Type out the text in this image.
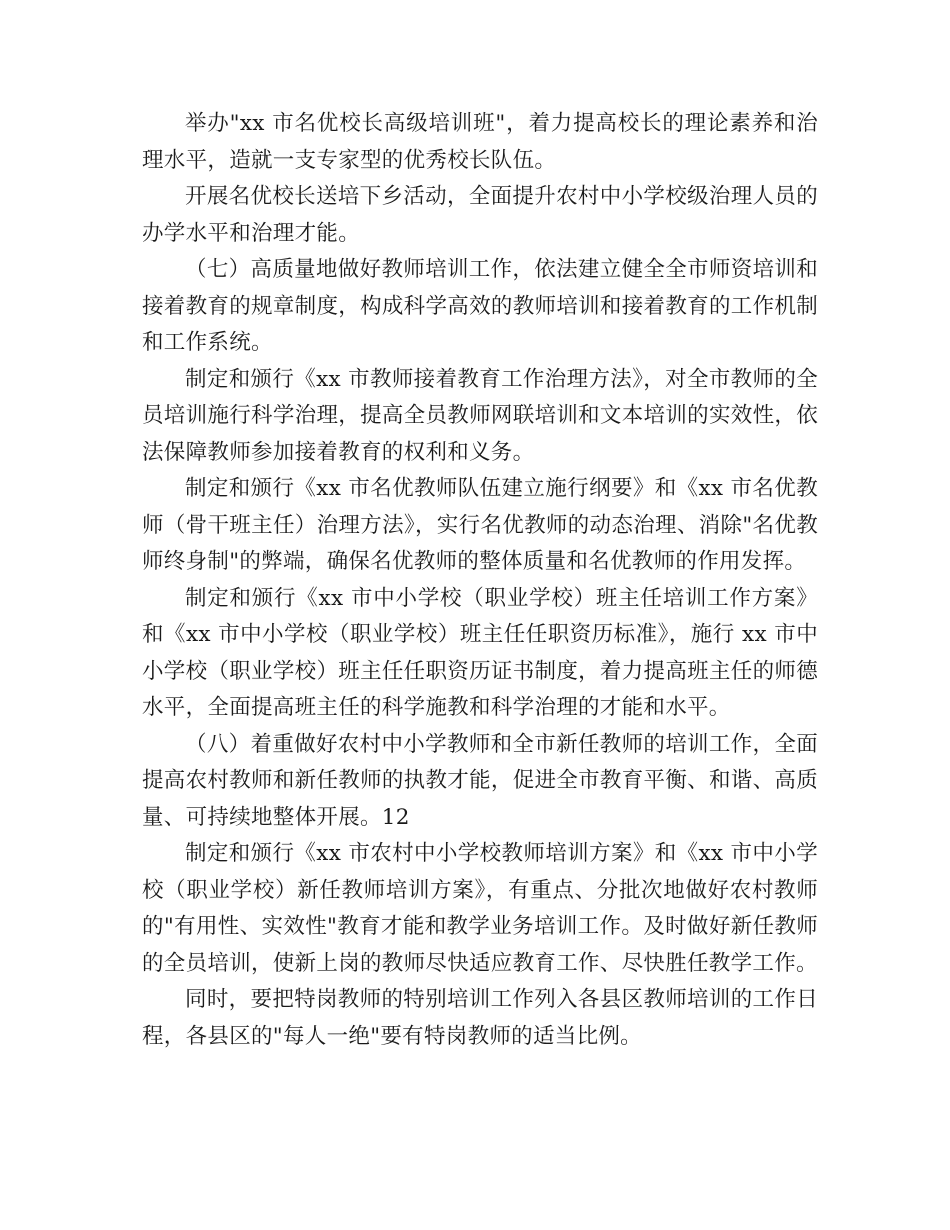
举办"xx 市名优校长高级培训班"，着力提高校长的理论素养和治理水平，造就一支专家型的优秀校长队伍。

开展名优校长送培下乡活动，全面提升农村中小学校级治理人员的办学水平和治理才能。

（七）高质量地做好教师培训工作，依法建立健全全市师资培训和接着教育的规章制度，构成科学高效的教师培训和接着教育的工作机制和工作系统。

制定和颁行《xx 市教师接着教育工作治理方法》，对全市教师的全员培训施行科学治理，提高全员教师网联培训和文本培训的实效性，依法保障教师参加接着教育的权利和义务。

制定和颁行《xx 市名优教师队伍建立施行纲要》和《xx 市名优教师（骨干班主任）治理方法》，实行名优教师的动态治理、消除"名优教师终身制"的弊端，确保名优教师的整体质量和名优教师的作用发挥。

制定和颁行《xx 市中小学校（职业学校）班主任培训工作方案》和《xx 市中小学校（职业学校）班主任任职资历标准》，施行 xx 市中小学校（职业学校）班主任任职资历证书制度，着力提高班主任的师德水平，全面提高班主任的科学施教和科学治理的才能和水平。

（八）着重做好农村中小学教师和全市新任教师的培训工作，全面提高农村教师和新任教师的执教才能，促进全市教育平衡、和谐、高质量、可持续地整体开展。12

制定和颁行《xx 市农村中小学校教师培训方案》和《xx 市中小学校（职业学校）新任教师培训方案》，有重点、分批次地做好农村教师的"有用性、实效性"教育才能和教学业务培训工作。及时做好新任教师的全员培训，使新上岗的教师尽快适应教育工作、尽快胜任教学工作。

同时，要把特岗教师的特别培训工作列入各县区教师培训的工作日程，各县区的"每人一绝"要有特岗教师的适当比例。
